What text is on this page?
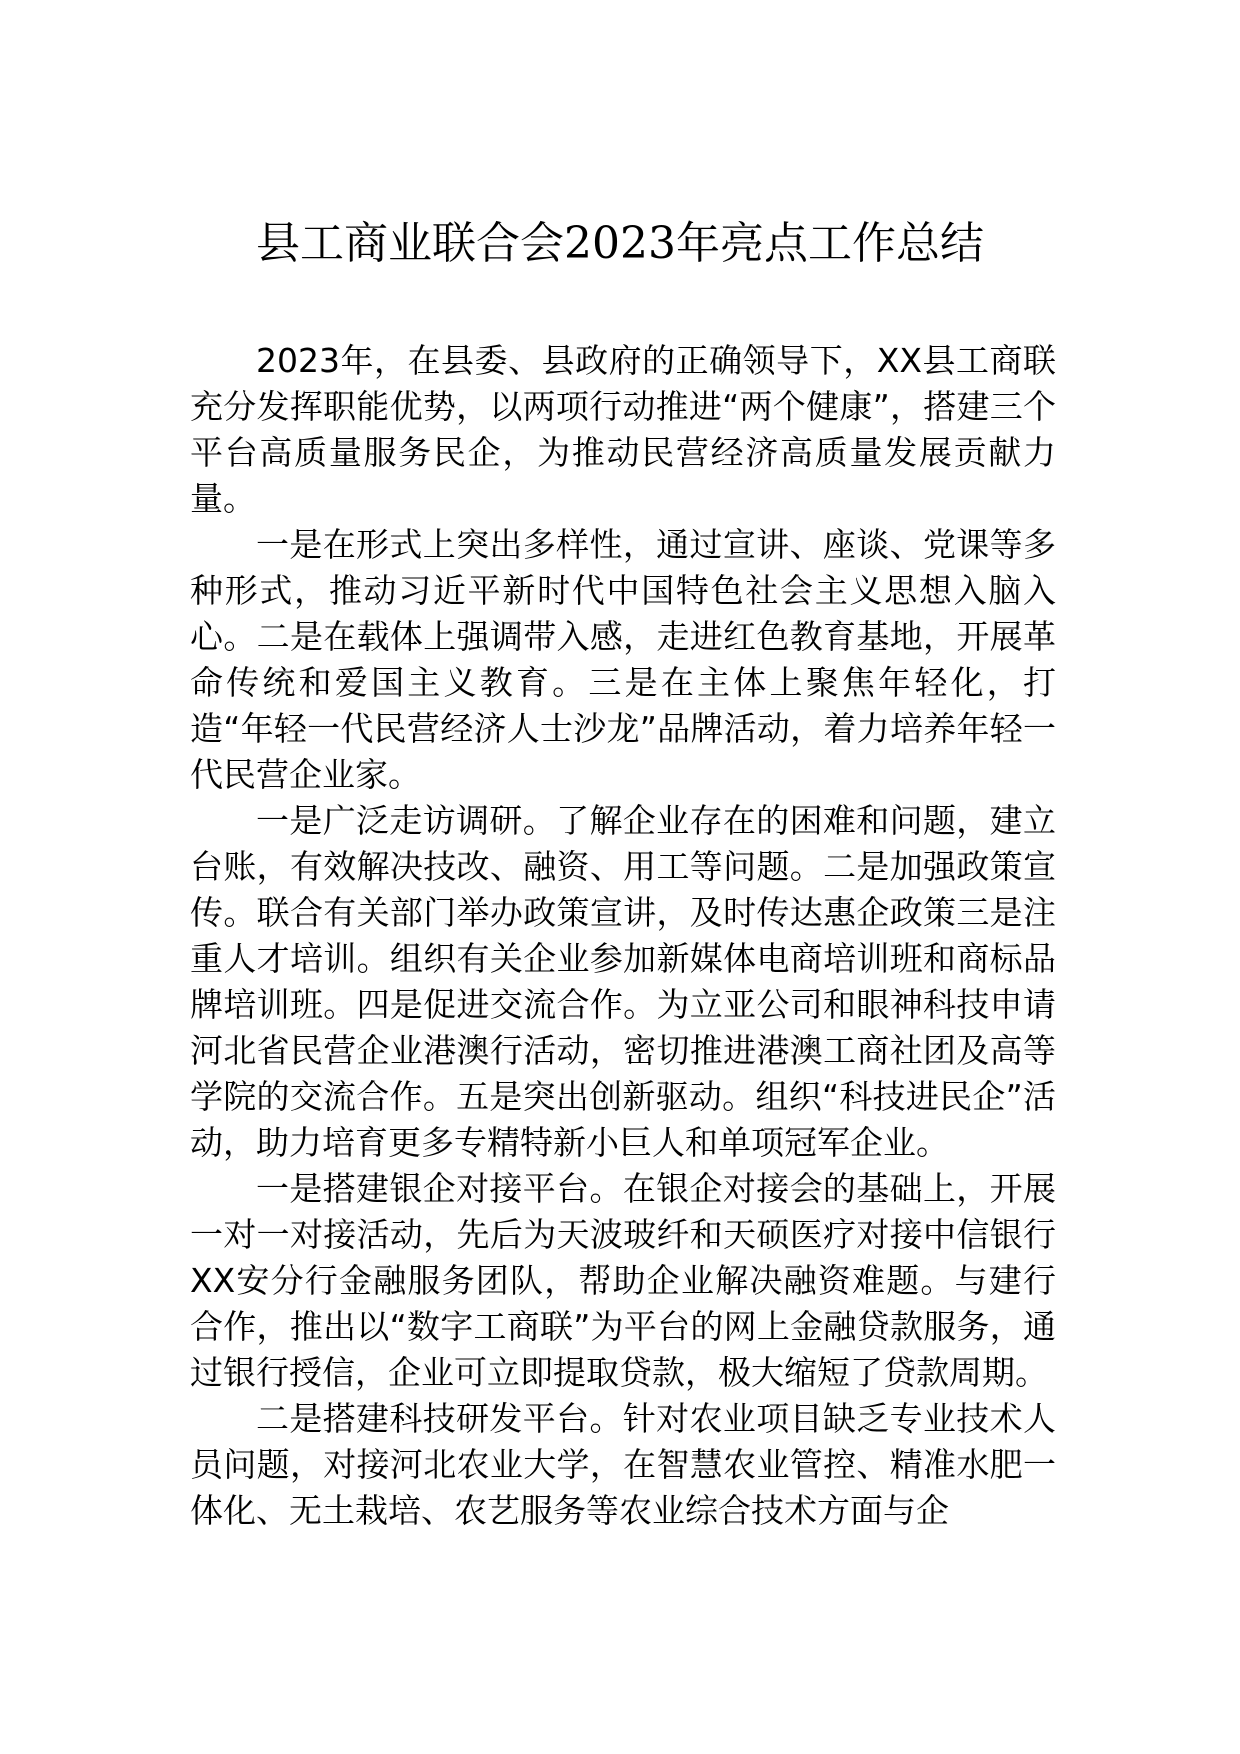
县工商业联合会2023年亮点工作总结

2023年，在县委、县政府的正确领导下，XX县工商联充分发挥职能优势，以两项行动推进“两个健康”，搭建三个平台高质量服务民企，为推动民营经济高质量发展贡献力量。

一是在形式上突出多样性，通过宣讲、座谈、党课等多种形式，推动习近平新时代中国特色社会主义思想入脑入心。二是在载体上强调带入感，走进红色教育基地，开展革命传统和爱国主义教育。三是在主体上聚焦年轻化，打造“年轻一代民营经济人士沙龙”品牌活动，着力培养年轻一代民营企业家。

一是广泛走访调研。了解企业存在的困难和问题，建立台账，有效解决技改、融资、用工等问题。二是加强政策宣传。联合有关部门举办政策宣讲，及时传达惠企政策三是注重人才培训。组织有关企业参加新媒体电商培训班和商标品牌培训班。四是促进交流合作。为立亚公司和眼神科技申请河北省民营企业港澳行活动，密切推进港澳工商社团及高等学院的交流合作。五是突出创新驱动。组织“科技进民企”活动，助力培育更多专精特新小巨人和单项冠军企业。

一是搭建银企对接平台。在银企对接会的基础上，开展一对一对接活动，先后为天波玻纤和天硕医疗对接中信银行XX安分行金融服务团队，帮助企业解决融资难题。与建行合作，推出以“数字工商联”为平台的网上金融贷款服务，通过银行授信，企业可立即提取贷款，极大缩短了贷款周期。

二是搭建科技研发平台。针对农业项目缺乏专业技术人员问题，对接河北农业大学，在智慧农业管控、精准水肥一体化、无土栽培、农艺服务等农业综合技术方面与企
